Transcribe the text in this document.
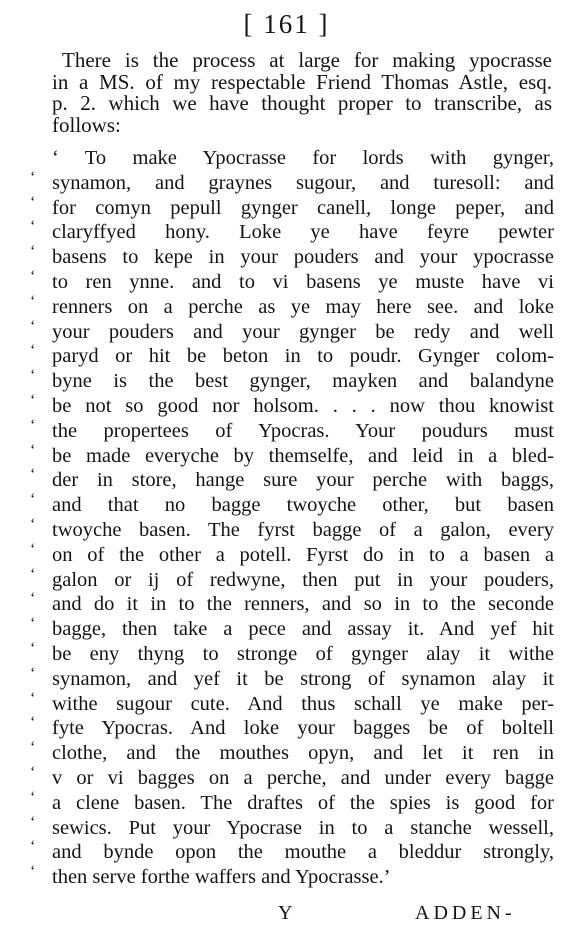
[ 161 ]
There is the process at large for making ypocrasse
in a MS. of my respectable Friend Thomas Astle, esq.
p. 2. which we have thought proper to transcribe, as
follows:
‘ To make Ypocrasse for lords with gynger,
‘ synamon, and graynes sugour, and turesoll: and
‘ for comyn pepull gynger canell, longe peper, and
‘ claryffyed hony. Loke ye have feyre pewter
‘ basens to kepe in your pouders and your ypocrasse
‘ to ren ynne. and to vi basens ye muste have vi
‘ renners on a perche as ye may here see. and loke
‘ your pouders and your gynger be redy and well
‘ paryd or hit be beton in to poudr. Gynger colom-
‘ byne is the best gynger, mayken and balandyne
‘ be not so good nor holsom. . . . now thou knowist
‘ the propertees of Ypocras. Your poudurs must
‘ be made everyche by themselfe, and leid in a bled-
‘ der in store, hange sure your perche with baggs,
‘ and that no bagge twoyche other, but basen
‘ twoyche basen. The fyrst bagge of a galon, every
‘ on of the other a potell. Fyrst do in to a basen a
‘ galon or ij of redwyne, then put in your pouders,
‘ and do it in to the renners, and so in to the seconde
‘ bagge, then take a pece and assay it. And yef hit
‘ be eny thyng to stronge of gynger alay it withe
‘ synamon, and yef it be strong of synamon alay it
‘ withe sugour cute. And thus schall ye make per-
‘ fyte Ypocras. And loke your bagges be of boltell
‘ clothe, and the mouthes opyn, and let it ren in
‘ v or vi bagges on a perche, and under every bagge
‘ a clene basen. The draftes of the spies is good for
‘ sewics. Put your Ypocrase in to a stanche wessell,
‘ and bynde opon the mouthe a bleddur strongly,
‘ then serve forthe waffers and Ypocrasse.’
Y	ADDEN-
